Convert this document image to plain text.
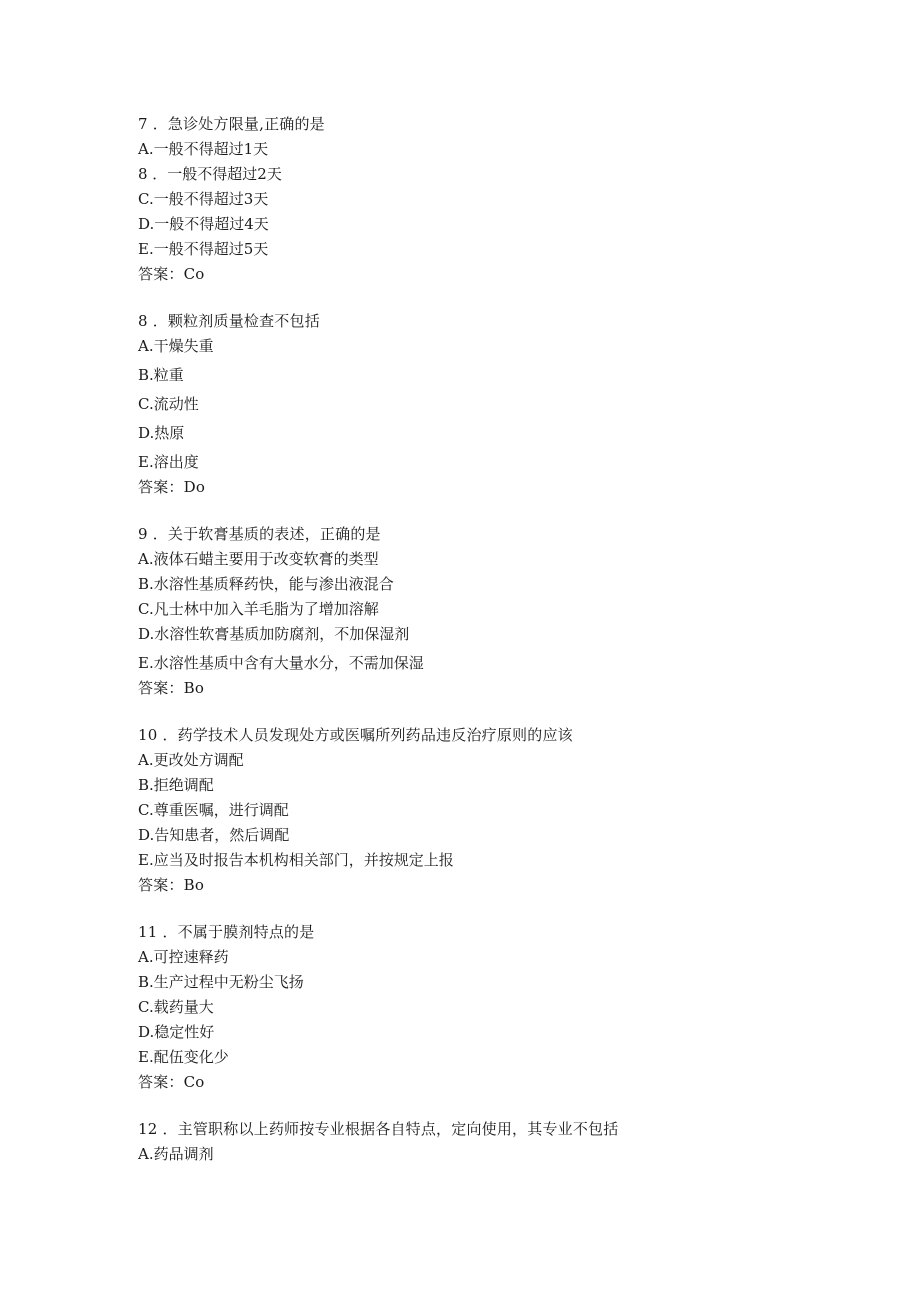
7 ．急诊处方限量,正确的是
A.一般不得超过1天
8 ．一般不得超过2天
C.一般不得超过3天
D.一般不得超过4天
E.一般不得超过5天
答案：Co
8 ．颗粒剂质量检查不包括
A.干燥失重
B.粒重
C.流动性
D.热原
E.溶出度
答案：Do
9 ．关于软膏基质的表述，正确的是
A.液体石蜡主要用于改变软膏的类型
B.水溶性基质释药快，能与渗出液混合
C.凡士林中加入羊毛脂为了增加溶解
D.水溶性软膏基质加防腐剂，不加保湿剂
E.水溶性基质中含有大量水分，不需加保湿
答案：Bo
10 ．药学技术人员发现处方或医嘱所列药品违反治疗原则的应该
A.更改处方调配
B.拒绝调配
C.尊重医嘱，进行调配
D.告知患者，然后调配
E.应当及时报告本机构相关部门，并按规定上报
答案：Bo
11 ．不属于膜剂特点的是
A.可控速释药
B.生产过程中无粉尘飞扬
C.载药量大
D.稳定性好
E.配伍变化少
答案：Co
12 ．主管职称以上药师按专业根据各自特点，定向使用，其专业不包括
A.药品调剂
